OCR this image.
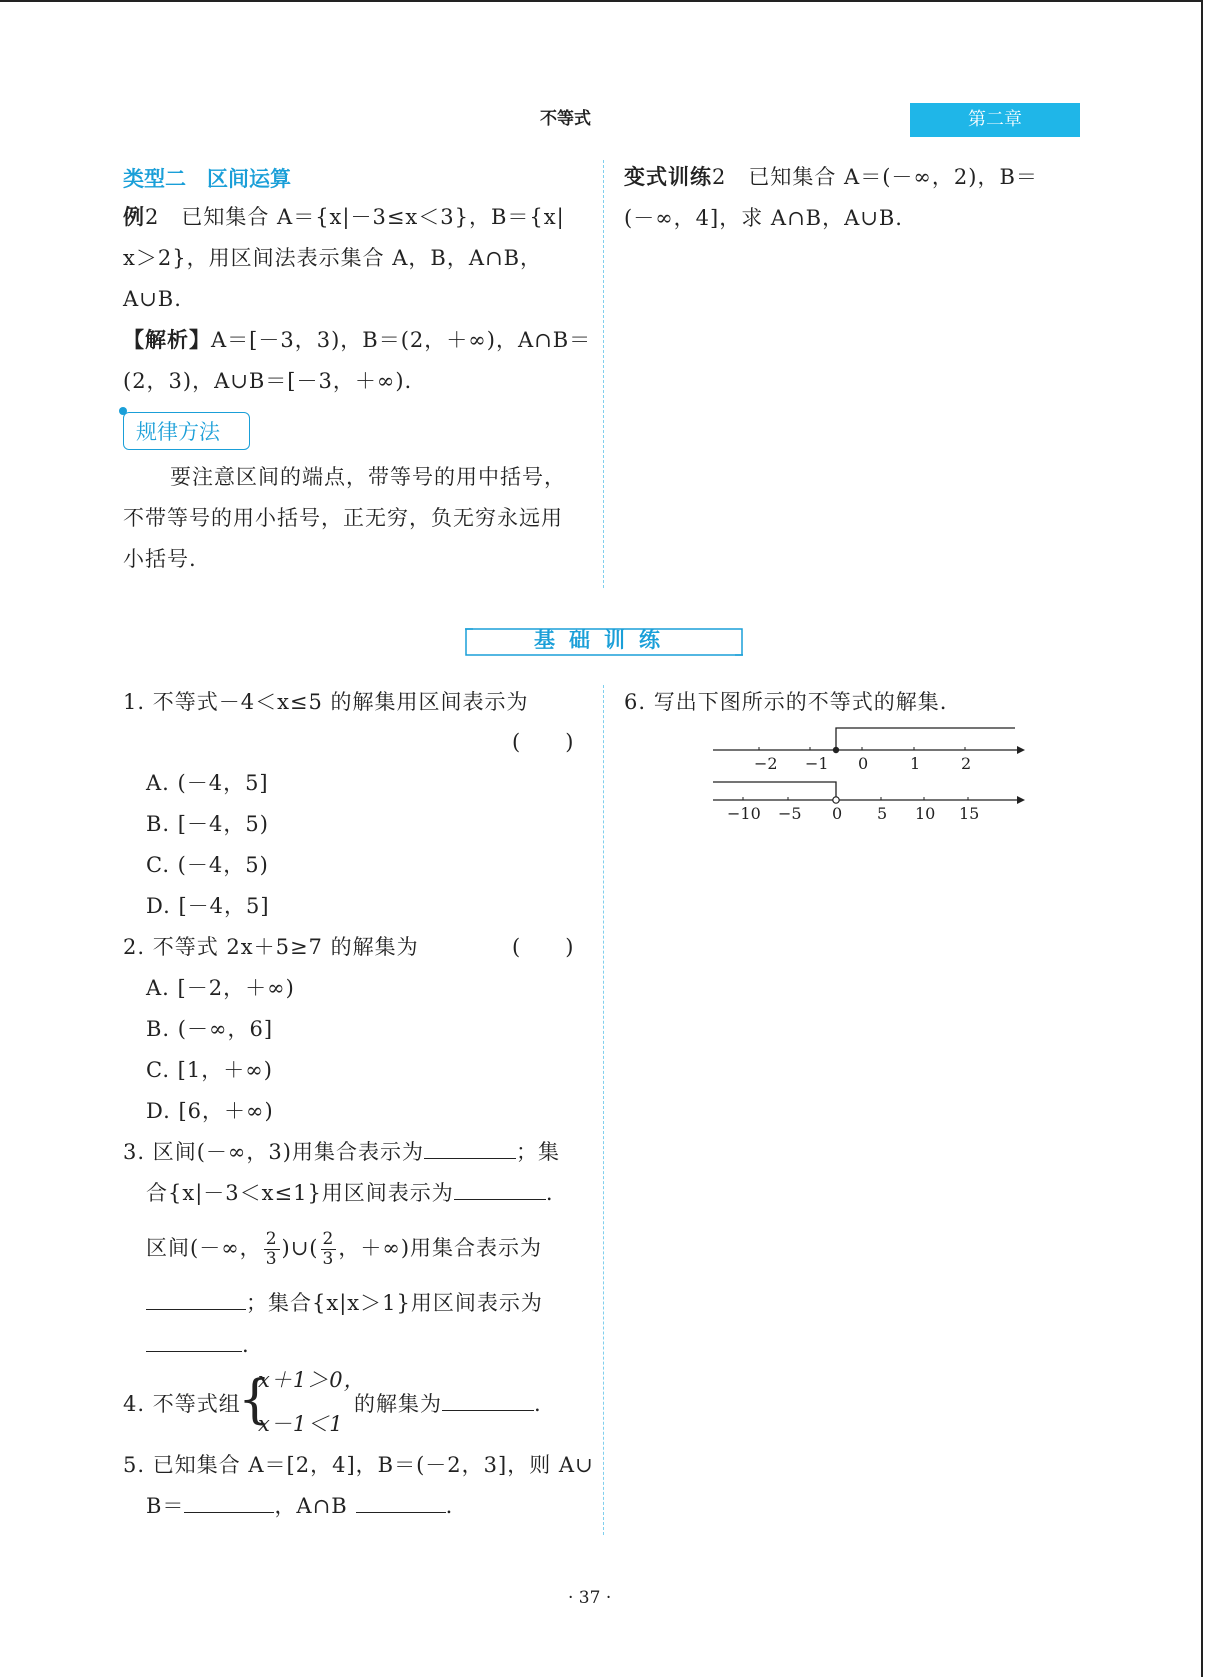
不等式	第二章
类型二　区间运算
例2　已知集合 A＝{x|－3≤x＜3}，B＝{x|
x＞2}，用区间法表示集合 A，B，A∩B，
A∪B.
【解析】A＝[－3，3)，B＝(2，＋∞)，A∩B＝
(2，3)，A∪B＝[－3，＋∞).
规律方法
要注意区间的端点，带等号的用中括号，
不带等号的用小括号，正无穷，负无穷永远用
小括号.
变式训练2　已知集合 A＝(－∞，2)，B＝
(－∞，4]，求 A∩B，A∪B.
基础训练
1. 不等式－4＜x≤5 的解集用区间表示为
(　　)
A. (－4，5]
B. [－4，5)
C. (－4，5)
D. [－4，5]
2. 不等式 2x＋5≥7 的解集为	(　　)
A. [－2，＋∞)
B. (－∞，6]
C. [1，＋∞)
D. [6，＋∞)
3. 区间(－∞，3)用集合表示为	；集
合{x|－3＜x≤1}用区间表示为	.
区间(－∞， $\frac{2}{3}$ )∪( $\frac{2}{3}$ ，＋∞)用集合表示为
；集合{x|x＞1}用区间表示为
.
4. 不等式组
{
x＋1＞0，
x－1＜1
的解集为	.
5. 已知集合 A＝[2，4]，B＝(－2，3]，则 A∪
B＝	，A∩B	.
6. 写出下图所示的不等式的解集.
−2 −1 0	1	2
−10 −5 0 5 10 15
· 37 ·
